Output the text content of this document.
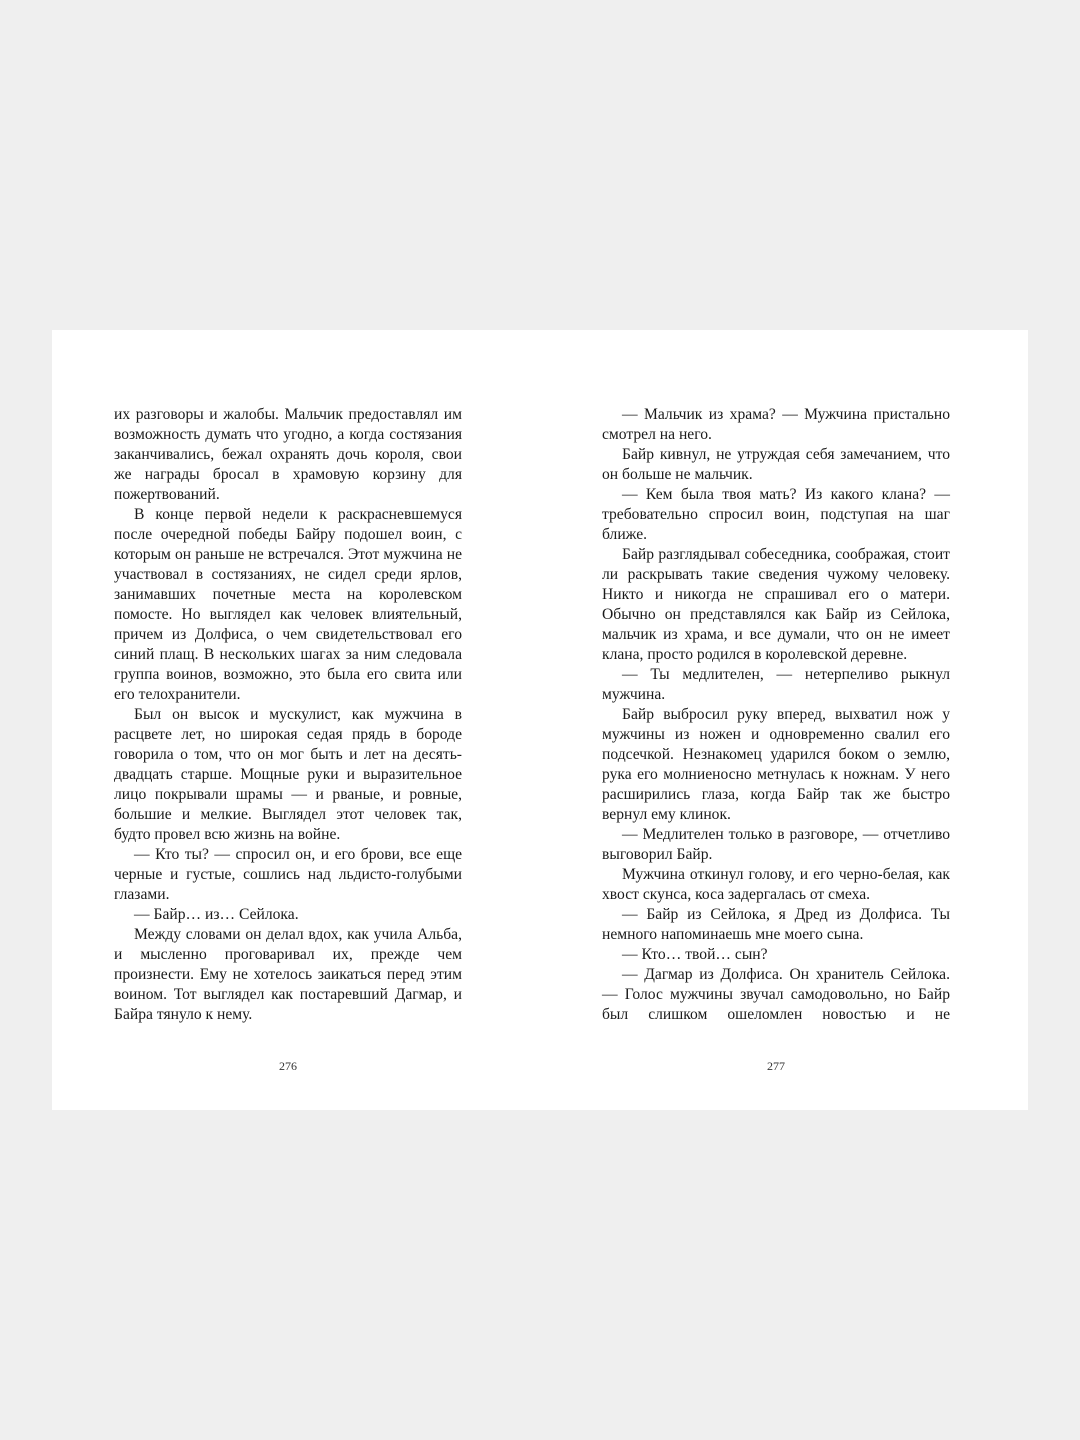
их разговоры и жалобы. Мальчик предоставлял им возможность думать что угодно, а когда состязания заканчивались, бежал охранять дочь короля, свои же награды бросал в храмовую корзину для пожертвований.

В конце первой недели к раскрасневшемуся после очередной победы Байру подошел воин, с которым он раньше не встречался. Этот мужчина не участвовал в состязаниях, не сидел среди ярлов, занимавших почетные места на королевском помосте. Но выглядел как человек влиятельный, причем из Долфиса, о чем свидетельствовал его синий плащ. В нескольких шагах за ним следовала группа воинов, возможно, это была его свита или его телохранители.

Был он высок и мускулист, как мужчина в расцвете лет, но широкая седая прядь в бороде говорила о том, что он мог быть и лет на десять-двадцать старше. Мощные руки и выразительное лицо покрывали шрамы — и рваные, и ровные, большие и мелкие. Выглядел этот человек так, будто провел всю жизнь на войне.

— Кто ты? — спросил он, и его брови, все еще черные и густые, сошлись над льдисто-голубыми глазами.

— Байр… из… Сейлока.

Между словами он делал вдох, как учила Альба, и мысленно проговаривал их, прежде чем произнести. Ему не хотелось заикаться перед этим воином. Тот выглядел как постаревший Дагмар, и Байра тянуло к нему.

276

— Мальчик из храма? — Мужчина пристально смотрел на него.

Байр кивнул, не утруждая себя замечанием, что он больше не мальчик.

— Кем была твоя мать? Из какого клана? — требовательно спросил воин, подступая на шаг ближе.

Байр разглядывал собеседника, соображая, стоит ли раскрывать такие сведения чужому человеку. Никто и никогда не спрашивал его о матери. Обычно он представлялся как Байр из Сейлока, мальчик из храма, и все думали, что он не имеет клана, просто родился в королевской деревне.

— Ты медлителен, — нетерпеливо рыкнул мужчина.

Байр выбросил руку вперед, выхватил нож у мужчины из ножен и одновременно свалил его подсечкой. Незнакомец ударился боком о землю, рука его молниеносно метнулась к ножнам. У него расширились глаза, когда Байр так же быстро вернул ему клинок.

— Медлителен только в разговоре, — отчетливо выговорил Байр.

Мужчина откинул голову, и его черно-белая, как хвост скунса, коса задергалась от смеха.

— Байр из Сейлока, я Дред из Долфиса. Ты немного напоминаешь мне моего сына.

— Кто… твой… сын?

— Дагмар из Долфиса. Он хранитель Сейлока. — Голос мужчины звучал самодовольно, но Байр был слишком ошеломлен новостью и не

277
